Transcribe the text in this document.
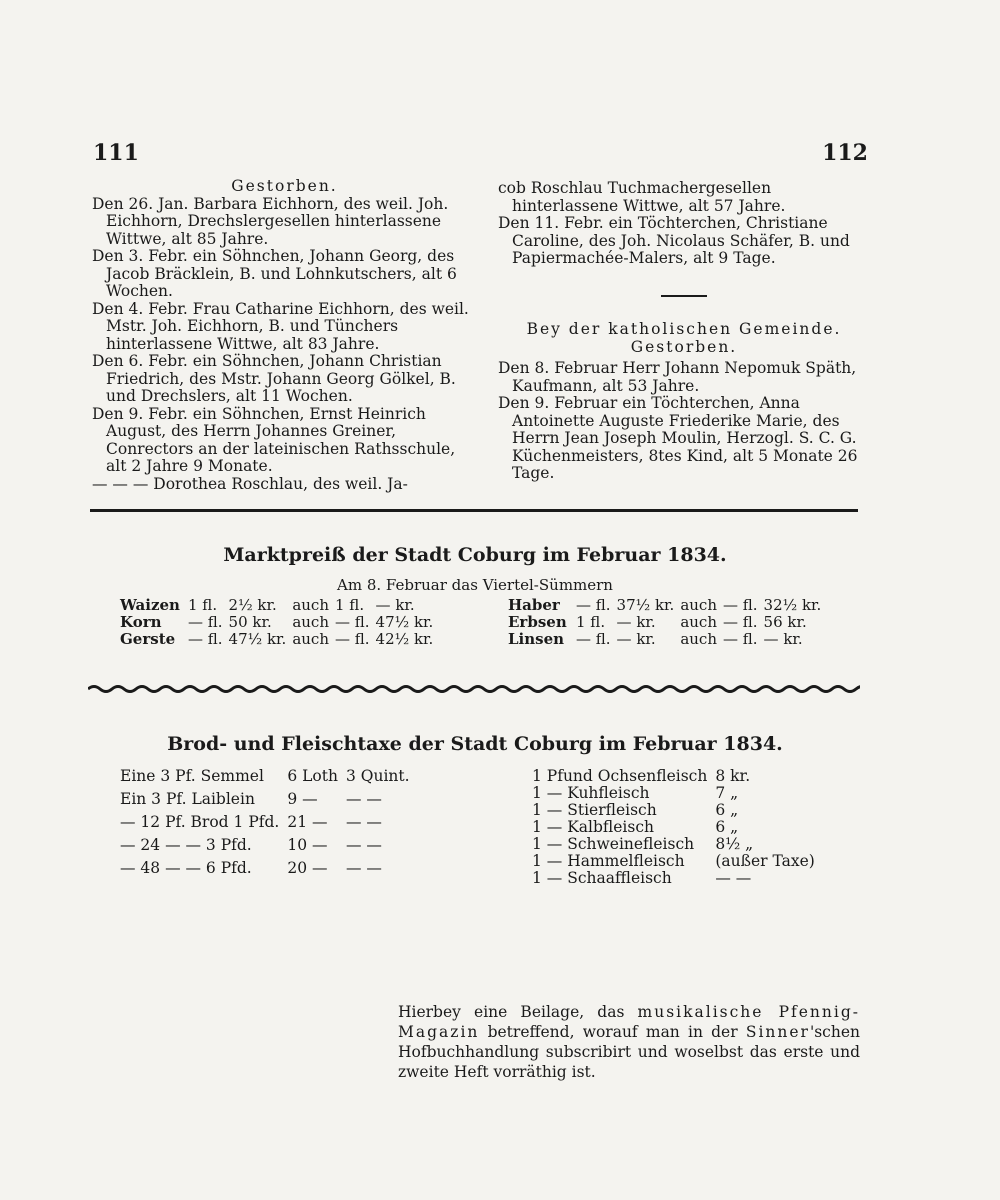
111	112
Gestorben.

Den 26. Jan. Barbara Eichhorn, des weil. Joh. Eichhorn, Drechslergesellen hinterlassene Wittwe, alt 85 Jahre.

Den 3. Febr. ein Söhnchen, Johann Georg, des Jacob Bräcklein, B. und Lohnkutschers, alt 6 Wochen.

Den 4. Febr. Frau Catharine Eichhorn, des weil. Mstr. Joh. Eichhorn, B. und Tünchers hinterlassene Wittwe, alt 83 Jahre.

Den 6. Febr. ein Söhnchen, Johann Christian Friedrich, des Mstr. Johann Georg Gölkel, B. und Drechslers, alt 11 Wochen.

Den 9. Febr. ein Söhnchen, Ernst Heinrich August, des Herrn Johannes Greiner, Conrectors an der lateinischen Rathsschule, alt 2 Jahre 9 Monate.

— — — Dorothea Roschlau, des weil. Ja-

cob Roschlau Tuchmachergesellen hinterlassene Wittwe, alt 57 Jahre.

Den 11. Febr. ein Töchterchen, Christiane Caroline, des Joh. Nicolaus Schäfer, B. und Papiermachée-Malers, alt 9 Tage.

Bey der katholischen Gemeinde.
Gestorben.

Den 8. Februar Herr Johann Nepomuk Späth, Kaufmann, alt 53 Jahre.

Den 9. Februar ein Töchterchen, Anna Antoinette Auguste Friederike Marie, des Herrn Jean Joseph Moulin, Herzogl. S. C. G. Küchenmeisters, 8tes Kind, alt 5 Monate 26 Tage.

Marktpreiß der Stadt Coburg im Februar 1834.
Am 8. Februar das Viertel-Sümmern
Waizen	1 fl.	2½ kr.	auch	1 fl.	— kr.
Korn	— fl.	50 kr.	auch	— fl.	47½ kr.
Gerste	— fl.	47½ kr.	auch	— fl.	42½ kr.
Haber	— fl.	37½ kr.	auch	— fl.	32½ kr.
Erbsen	1 fl.	— kr.	auch	— fl.	56 kr.
Linsen	— fl.	— kr.	auch	— fl.	— kr.
Brod- und Fleischtaxe der Stadt Coburg im Februar 1834.
Eine 3 Pf. Semmel	6 Loth	3 Quint.
Ein 3 Pf. Laiblein	9 —	— —
— 12 Pf. Brod 1 Pfd.	21 —	— —
— 24 — — 3 Pfd.	10 —	— —
— 48 — — 6 Pfd.	20 —	— —
1 Pfund Ochsenfleisch	8 kr.
1 — Kuhfleisch	7 „
1 — Stierfleisch	6 „
1 — Kalbfleisch	6 „
1 — Schweinefleisch	8½ „
1 — Hammelfleisch	(außer Taxe)
1 — Schaaffleisch	— —
Hierbey eine Beilage, das musikalische Pfennig-Magazin betreffend, worauf man in der Sinner'schen Hofbuchhandlung subscribirt und woselbst das erste und zweite Heft vorräthig ist.
